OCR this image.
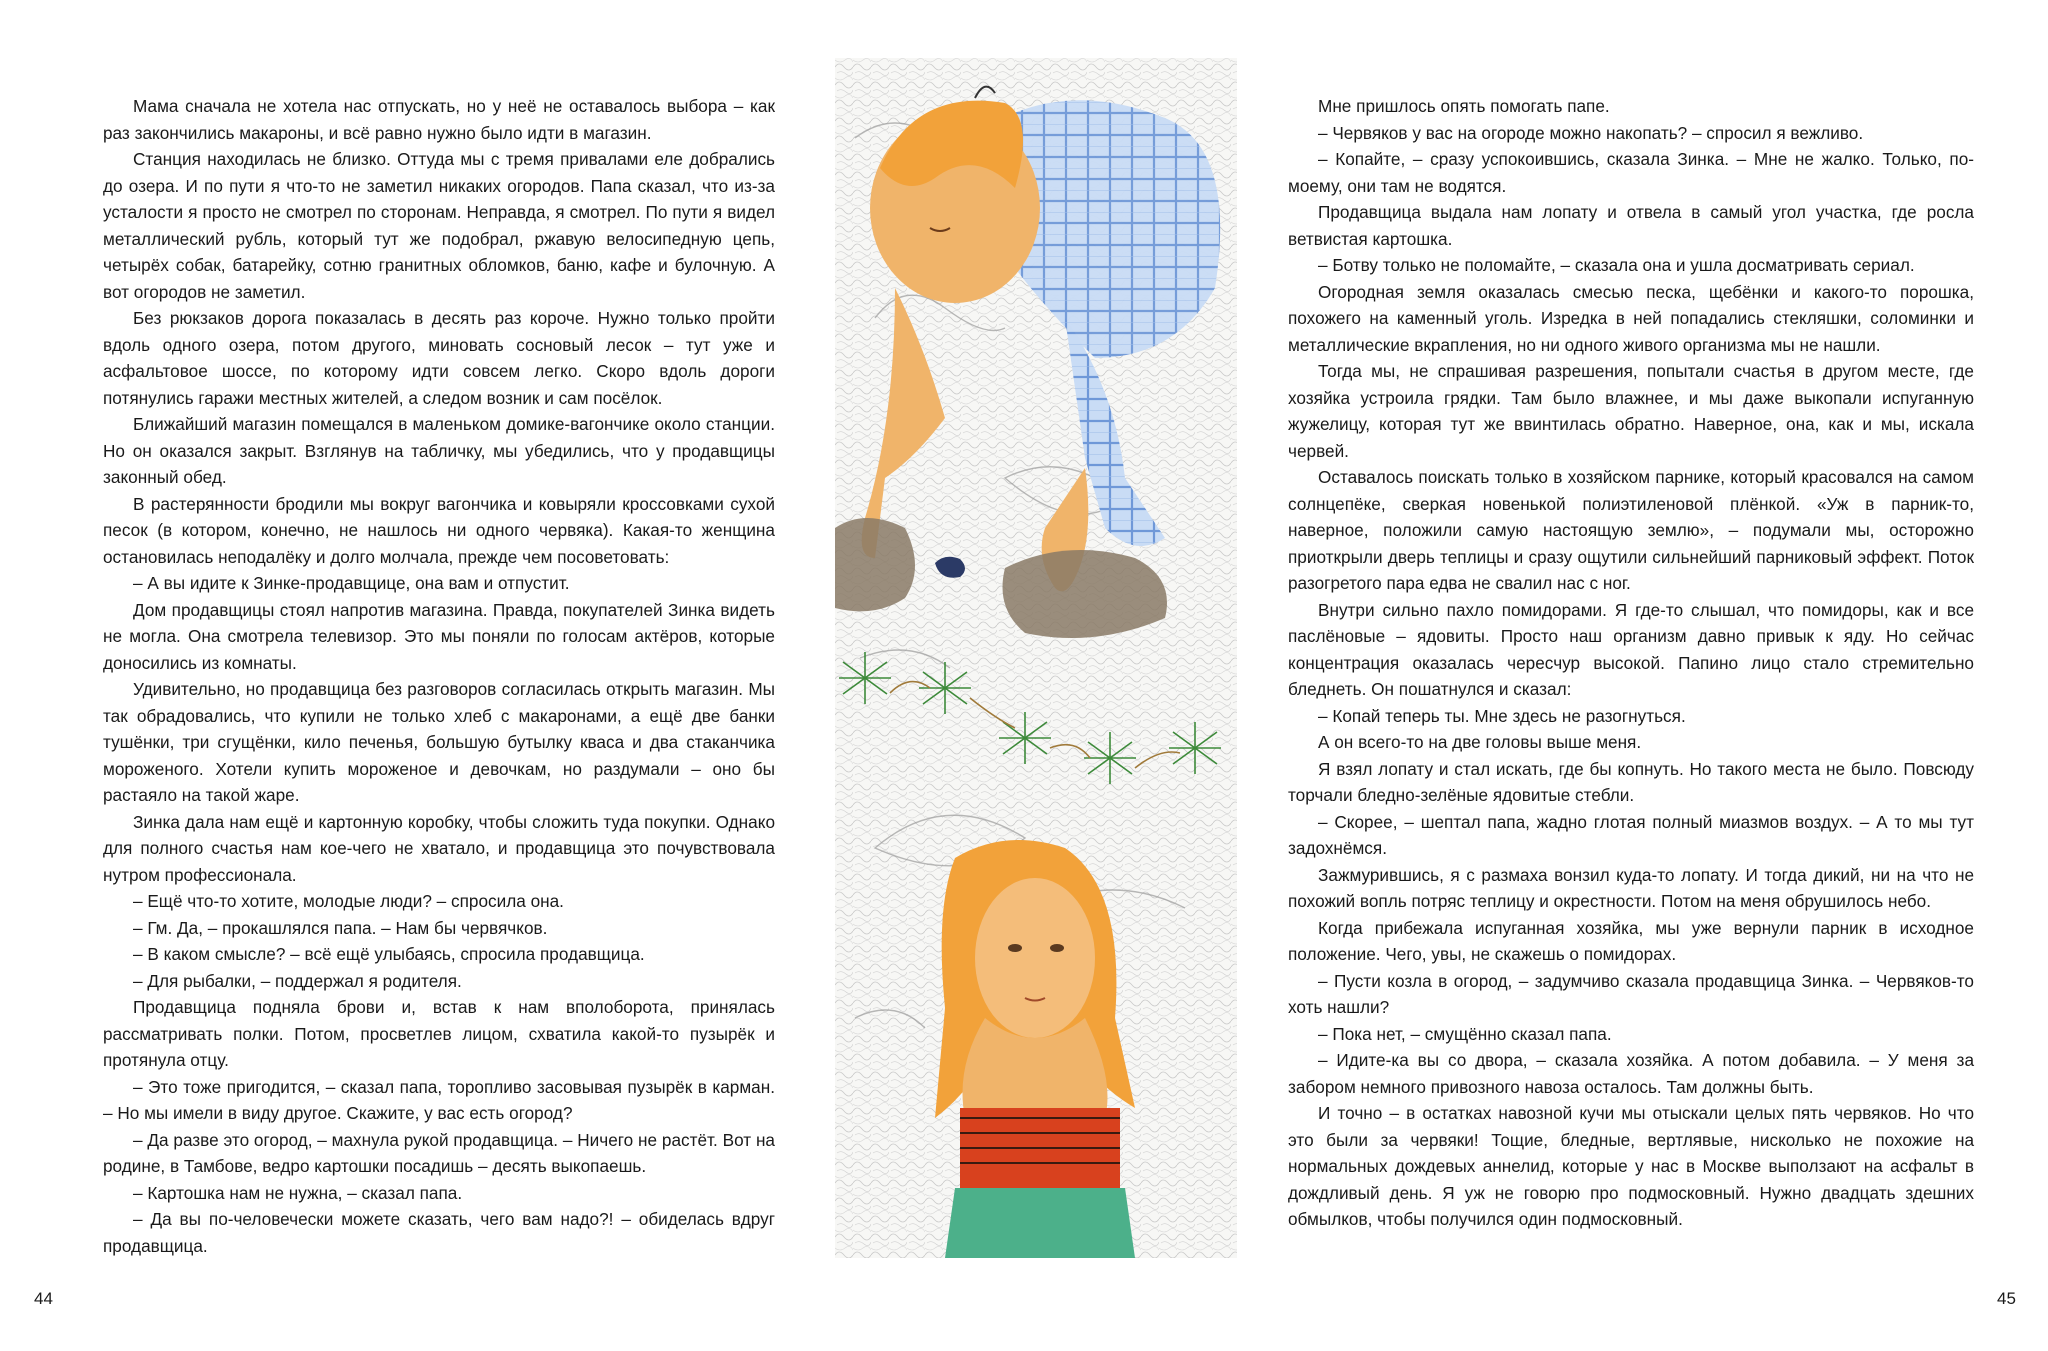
Мама сначала не хотела нас отпускать, но у неё не оставалось выбора – как раз закончились макароны, и всё равно нужно было идти в магазин.

Станция находилась не близко. Оттуда мы с тремя привалами еле добрались до озера. И по пути я что-то не заметил никаких огородов. Папа сказал, что из-за усталости я просто не смотрел по сторонам. Неправда, я смотрел. По пути я видел металлический рубль, который тут же подобрал, ржавую велосипедную цепь, четырёх собак, батарейку, сотню гранитных обломков, баню, кафе и булочную. А вот огородов не заметил.

Без рюкзаков дорога показалась в десять раз короче. Нужно только пройти вдоль одного озера, потом другого, миновать сосновый лесок – тут уже и асфальтовое шоссе, по которому идти совсем легко. Скоро вдоль дороги потянулись гаражи местных жителей, а следом возник и сам посёлок.

Ближайший магазин помещался в маленьком домике-вагончике около станции. Но он оказался закрыт. Взглянув на табличку, мы убедились, что у продавщицы законный обед.

В растерянности бродили мы вокруг вагончика и ковыряли кроссовками сухой песок (в котором, конечно, не нашлось ни одного червяка). Какая-то женщина остановилась неподалёку и долго молчала, прежде чем посоветовать:

– А вы идите к Зинке-продавщице, она вам и отпустит.

Дом продавщицы стоял напротив магазина. Правда, покупателей Зинка видеть не могла. Она смотрела телевизор. Это мы поняли по голосам актёров, которые доносились из комнаты.

Удивительно, но продавщица без разговоров согласилась открыть магазин. Мы так обрадовались, что купили не только хлеб с макаронами, а ещё две банки тушёнки, три сгущёнки, кило печенья, большую бутылку кваса и два стаканчика мороженого. Хотели купить мороженое и девочкам, но раздумали – оно бы растаяло на такой жаре.

Зинка дала нам ещё и картонную коробку, чтобы сложить туда покупки. Однако для полного счастья нам кое-чего не хватало, и продавщица это почувствовала нутром профессионала.

– Ещё что-то хотите, молодые люди? – спросила она.

– Гм. Да, – прокашлялся папа. – Нам бы червячков.

– В каком смысле? – всё ещё улыбаясь, спросила продавщица.

– Для рыбалки, – поддержал я родителя.

Продавщица подняла брови и, встав к нам вполоборота, принялась рассматривать полки. Потом, просветлев лицом, схватила какой-то пузырёк и протянула отцу.

– Это тоже пригодится, – сказал папа, торопливо засовывая пузырёк в карман. – Но мы имели в виду другое. Скажите, у вас есть огород?

– Да разве это огород, – махнула рукой продавщица. – Ничего не растёт. Вот на родине, в Тамбове, ведро картошки посадишь – десять выкопаешь.

– Картошка нам не нужна, – сказал папа.

– Да вы по-человечески можете сказать, чего вам надо?! – обиделась вдруг продавщица.

Мне пришлось опять помогать папе.

– Червяков у вас на огороде можно накопать? – спросил я вежливо.

– Копайте, – сразу успокоившись, сказала Зинка. – Мне не жалко. Только, по-моему, они там не водятся.

Продавщица выдала нам лопату и отвела в самый угол участка, где росла ветвистая картошка.

– Ботву только не поломайте, – сказала она и ушла досматривать сериал.

Огородная земля оказалась смесью песка, щебёнки и какого-то порошка, похожего на каменный уголь. Изредка в ней попадались стекляшки, соломинки и металлические вкрапления, но ни одного живого организма мы не нашли.

Тогда мы, не спрашивая разрешения, попытали счастья в другом месте, где хозяйка устроила грядки. Там было влажнее, и мы даже выкопали испуганную жужелицу, которая тут же ввинтилась обратно. Наверное, она, как и мы, искала червей.

Оставалось поискать только в хозяйском парнике, который красовался на самом солнцепёке, сверкая новенькой полиэтиленовой плёнкой. «Уж в парник-то, наверное, положили самую настоящую землю», – подумали мы, осторожно приоткрыли дверь теплицы и сразу ощутили сильнейший парниковый эффект. Поток разогретого пара едва не свалил нас с ног.

Внутри сильно пахло помидорами. Я где-то слышал, что помидоры, как и все паслёновые – ядовиты. Просто наш организм давно привык к яду. Но сейчас концентрация оказалась чересчур высокой. Папино лицо стало стремительно бледнеть. Он пошатнулся и сказал:

– Копай теперь ты. Мне здесь не разогнуться.

А он всего-то на две головы выше меня.

Я взял лопату и стал искать, где бы копнуть. Но такого места не было. Повсюду торчали бледно-зелёные ядовитые стебли.

– Скорее, – шептал папа, жадно глотая полный миазмов воздух. – А то мы тут задохнёмся.

Зажмурившись, я с размаха вонзил куда-то лопату. И тогда дикий, ни на что не похожий вопль потряс теплицу и окрестности. Потом на меня обрушилось небо.

Когда прибежала испуганная хозяйка, мы уже вернули парник в исходное положение. Чего, увы, не скажешь о помидорах.

– Пусти козла в огород, – задумчиво сказала продавщица Зинка. – Червяков-то хоть нашли?

– Пока нет, – смущённо сказал папа.

– Идите-ка вы со двора, – сказала хозяйка. А потом добавила. – У меня за забором немного привозного навоза осталось. Там должны быть.

И точно – в остатках навозной кучи мы отыскали целых пять червяков. Но что это были за червяки! Тощие, бледные, вертлявые, нисколько не похожие на нормальных дождевых аннелид, которые у нас в Москве выползают на асфальт в дождливый день. Я уж не говорю про подмосковный. Нужно двадцать здешних обмылков, чтобы получился один подмосковный.

44	45
